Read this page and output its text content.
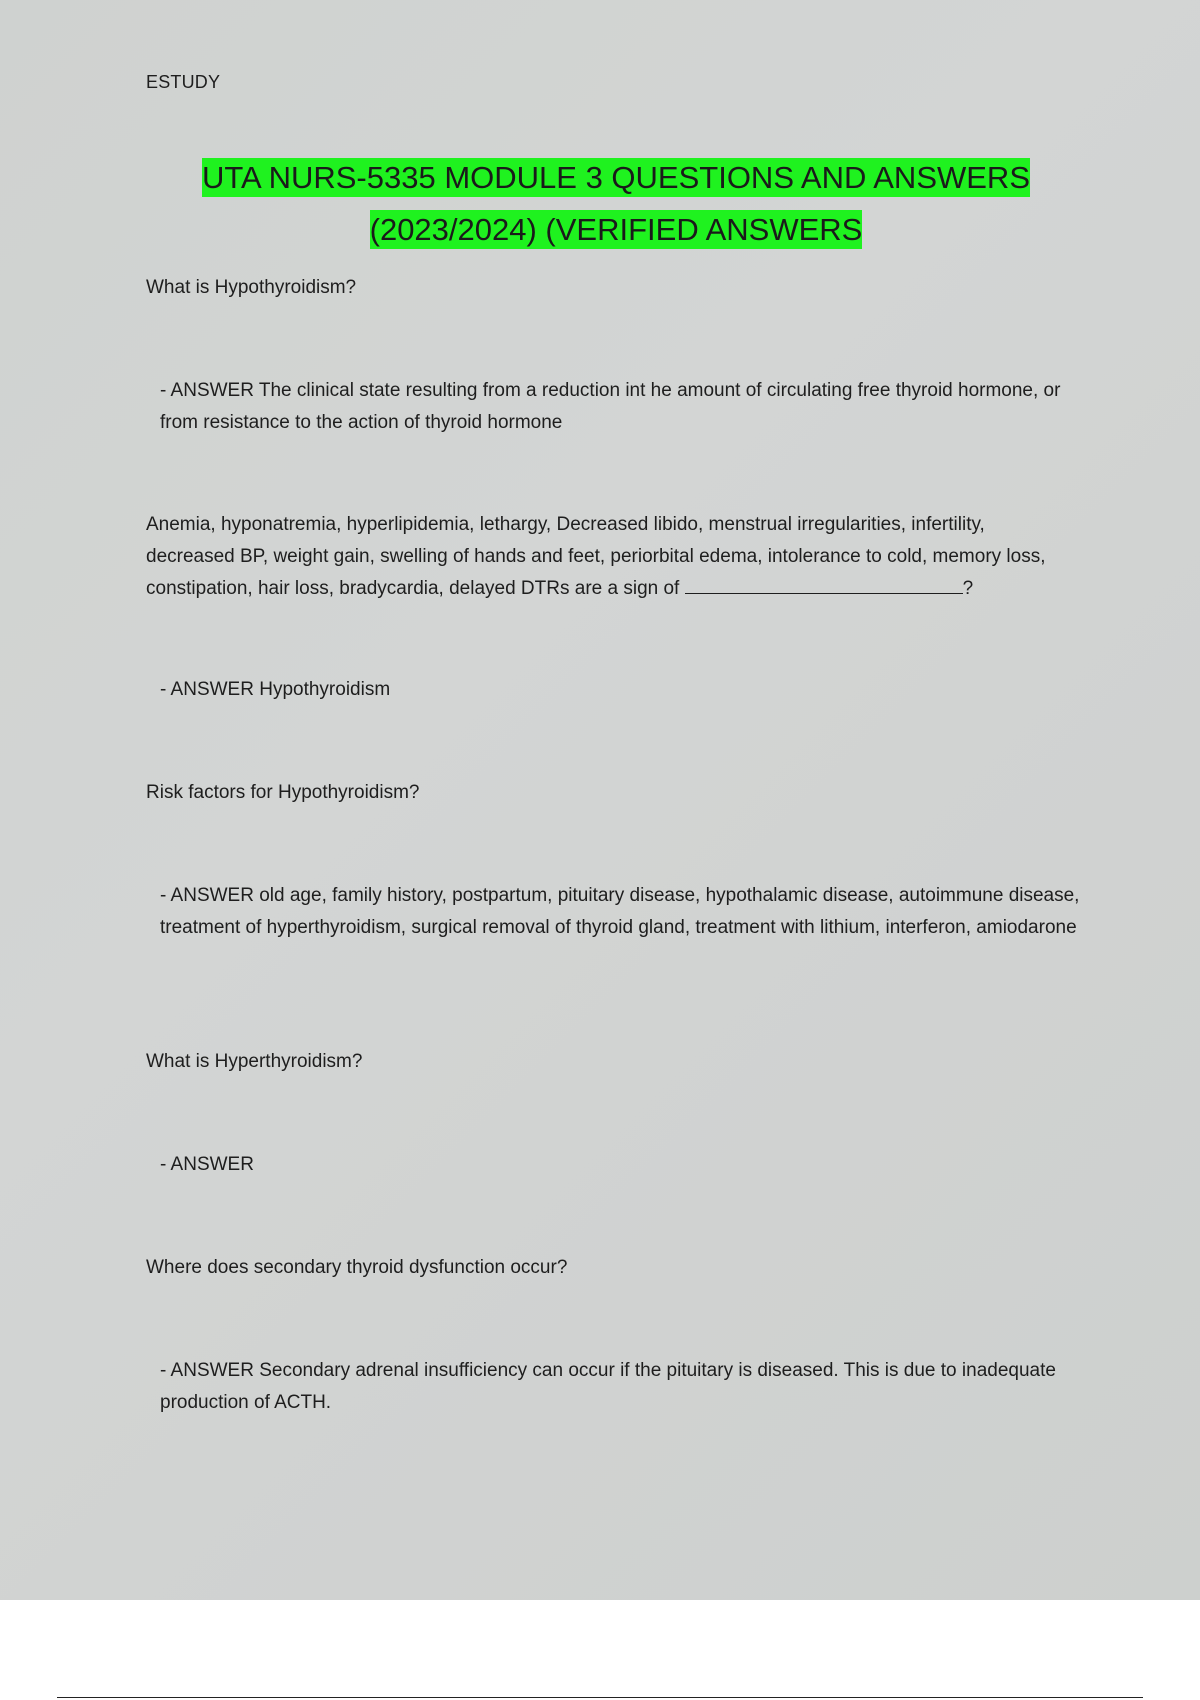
ESTUDY
UTA NURS-5335 MODULE 3 QUESTIONS AND ANSWERS
(2023/2024) (VERIFIED ANSWERS
What is Hypothyroidism?
- ANSWER The clinical state resulting from a reduction int he amount of circulating free thyroid hormone, or from resistance to the action of thyroid hormone
Anemia, hyponatremia, hyperlipidemia, lethargy, Decreased libido, menstrual irregularities, infertility, decreased BP, weight gain, swelling of hands and feet, periorbital edema, intolerance to cold, memory loss, constipation, hair loss, bradycardia, delayed DTRs are a sign of	?
- ANSWER Hypothyroidism
Risk factors for Hypothyroidism?
- ANSWER old age, family history, postpartum, pituitary disease, hypothalamic disease, autoimmune disease, treatment of hyperthyroidism, surgical removal of thyroid gland, treatment with lithium, interferon, amiodarone
What is Hyperthyroidism?
- ANSWER
Where does secondary thyroid dysfunction occur?
- ANSWER Secondary adrenal insufficiency can occur if the pituitary is diseased. This is due to inadequate production of ACTH.
